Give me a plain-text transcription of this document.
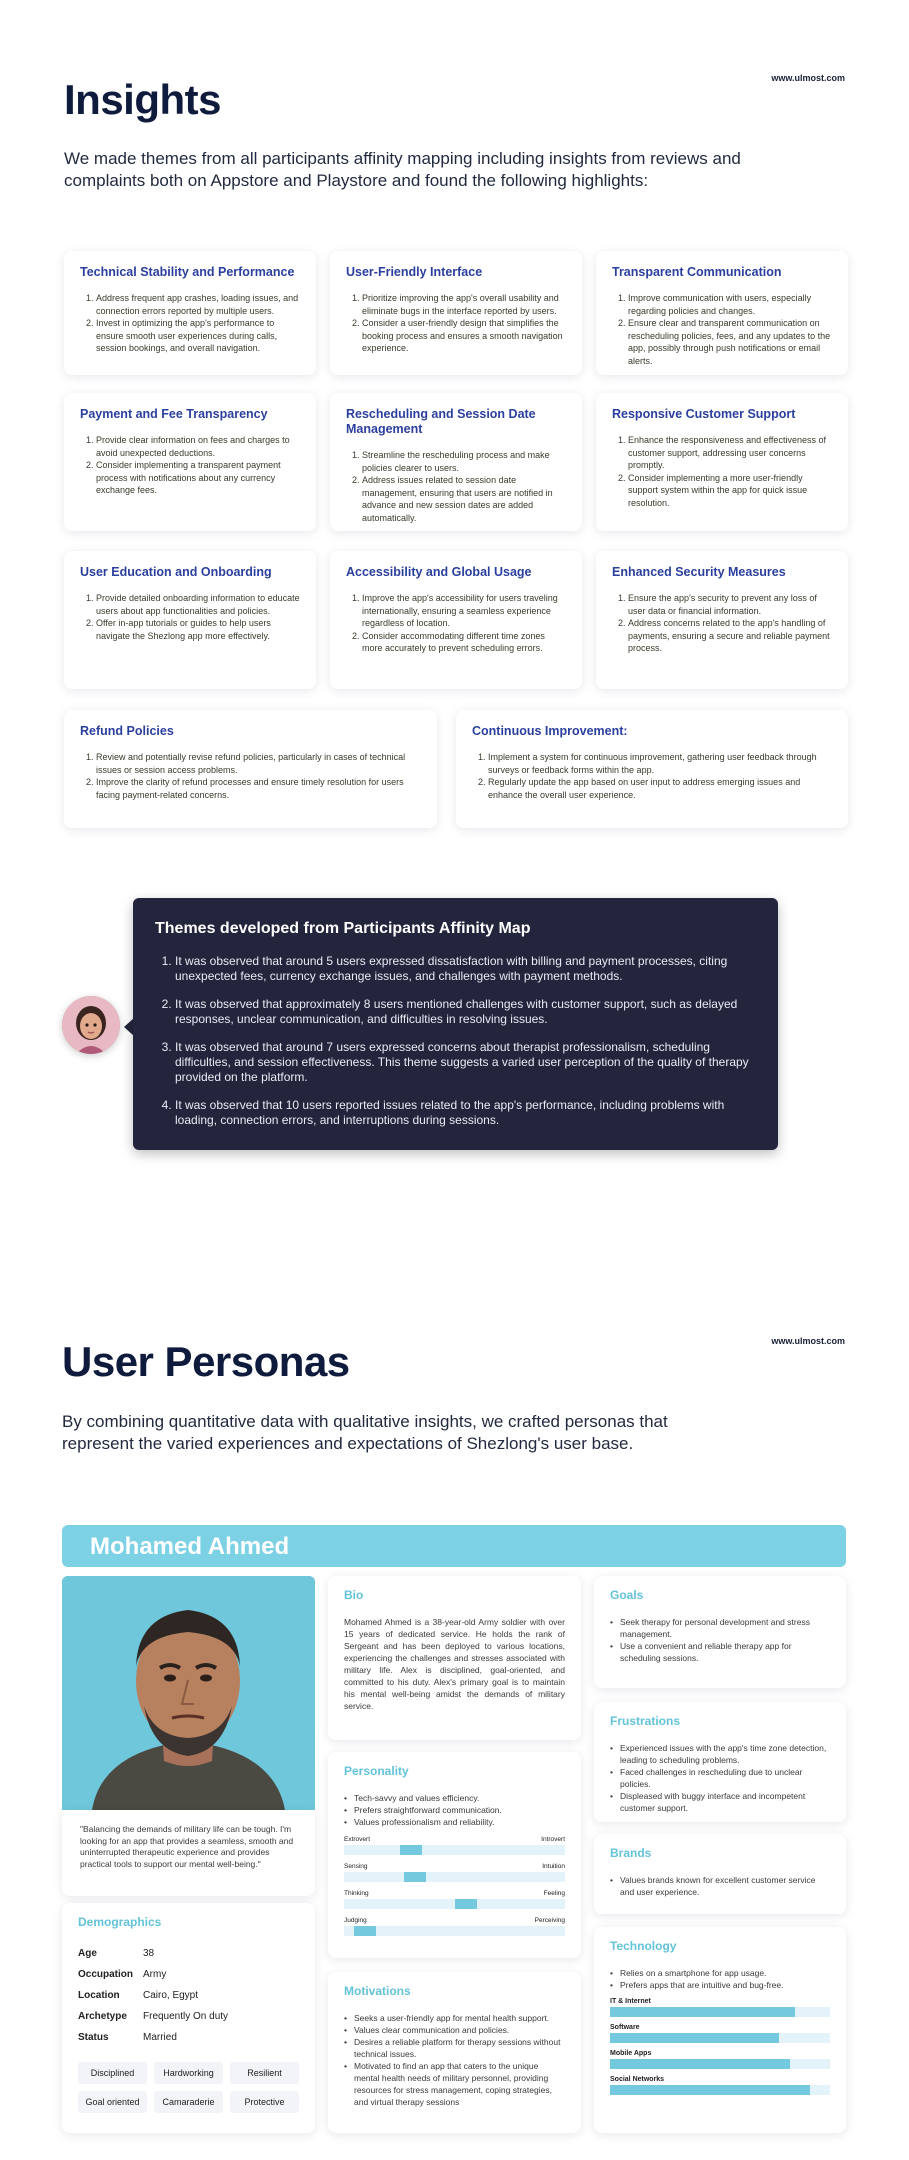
www.ulmost.com
Insights
We made themes from all participants affinity mapping including insights from reviews and complaints both on Appstore and Playstore and found the following highlights:
Technical Stability and Performance
1. Address frequent app crashes, loading issues, and connection errors reported by multiple users.
2. Invest in optimizing the app's performance to ensure smooth user experiences during calls, session bookings, and overall navigation.
User-Friendly Interface
1. Prioritize improving the app's overall usability and eliminate bugs in the interface reported by users.
2. Consider a user-friendly design that simplifies the booking process and ensures a smooth navigation experience.
Transparent Communication
1. Improve communication with users, especially regarding policies and changes.
2. Ensure clear and transparent communication on rescheduling policies, fees, and any updates to the app, possibly through push notifications or email alerts.
Payment and Fee Transparency
1. Provide clear information on fees and charges to avoid unexpected deductions.
2. Consider implementing a transparent payment process with notifications about any currency exchange fees.
Rescheduling and Session Date Management
1. Streamline the rescheduling process and make policies clearer to users.
2. Address issues related to session date management, ensuring that users are notified in advance and new session dates are added automatically.
Responsive Customer Support
1. Enhance the responsiveness and effectiveness of customer support, addressing user concerns promptly.
2. Consider implementing a more user-friendly support system within the app for quick issue resolution.
User Education and Onboarding
1. Provide detailed onboarding information to educate users about app functionalities and policies.
2. Offer in-app tutorials or guides to help users navigate the Shezlong app more effectively.
Accessibility and Global Usage
1. Improve the app's accessibility for users traveling internationally, ensuring a seamless experience regardless of location.
2. Consider accommodating different time zones more accurately to prevent scheduling errors.
Enhanced Security Measures
1. Ensure the app's security to prevent any loss of user data or financial information.
2. Address concerns related to the app's handling of payments, ensuring a secure and reliable payment process.
Refund Policies
1. Review and potentially revise refund policies, particularly in cases of technical issues or session access problems.
2. Improve the clarity of refund processes and ensure timely resolution for users facing payment-related concerns.
Continuous Improvement:
1. Implement a system for continuous improvement, gathering user feedback through surveys or feedback forms within the app.
2. Regularly update the app based on user input to address emerging issues and enhance the overall user experience.
Themes developed from Participants Affinity Map
1. It was observed that around 5 users expressed dissatisfaction with billing and payment processes, citing unexpected fees, currency exchange issues, and challenges with payment methods.
2. It was observed that approximately 8 users mentioned challenges with customer support, such as delayed responses, unclear communication, and difficulties in resolving issues.
3. It was observed that around 7 users expressed concerns about therapist professionalism, scheduling difficulties, and session effectiveness. This theme suggests a varied user perception of the quality of therapy provided on the platform.
4. It was observed that 10 users reported issues related to the app's performance, including problems with loading, connection errors, and interruptions during sessions.
www.ulmost.com
User Personas
By combining quantitative data with qualitative insights, we crafted personas that represent the varied experiences and expectations of Shezlong's user base.
Mohamed Ahmed
"Balancing the demands of military life can be tough. I'm looking for an app that provides a seamless, smooth and uninterrupted therapeutic experience and provides practical tools to support our mental well-being."
Demographics
Age	38
Occupation Army
Location	Cairo, Egypt
Archetype	Frequently On duty
Status	Married
Disciplined	Hardworking	Resilient
Goal oriented	Camaraderie	Protective
Bio

Mohamed Ahmed is a 38-year-old Army soldier with over 15 years of dedicated service. He holds the rank of Sergeant and has been deployed to various locations, experiencing the challenges and stresses associated with military life. Alex is disciplined, goal-oriented, and committed to his duty. Alex's primary goal is to maintain his mental well-being amidst the demands of military service.

Personality
• Tech-savvy and values efficiency.
• Prefers straightforward communication.
• Values professionalism and reliability.
Extrovert	Introvert
Sensing	Intuition
Thinking	Feeling
Judging	Perceiving
Motivations
• Seeks a user-friendly app for mental health support.
• Values clear communication and policies.
• Desires a reliable platform for therapy sessions without technical issues.
• Motivated to find an app that caters to the unique mental health needs of military personnel, providing resources for stress management, coping strategies, and virtual therapy sessions
Goals
• Seek therapy for personal development and stress management.
• Use a convenient and reliable therapy app for scheduling sessions.
Frustrations
• Experienced issues with the app's time zone detection, leading to scheduling problems.
• Faced challenges in rescheduling due to unclear policies.
• Displeased with buggy interface and incompetent customer support.
Brands
• Values brands known for excellent customer service and user experience.
Technology
• Relies on a smartphone for app usage.
• Prefers apps that are intuitive and bug-free.
IT & Internet
Software
Mobile Apps
Social Networks
